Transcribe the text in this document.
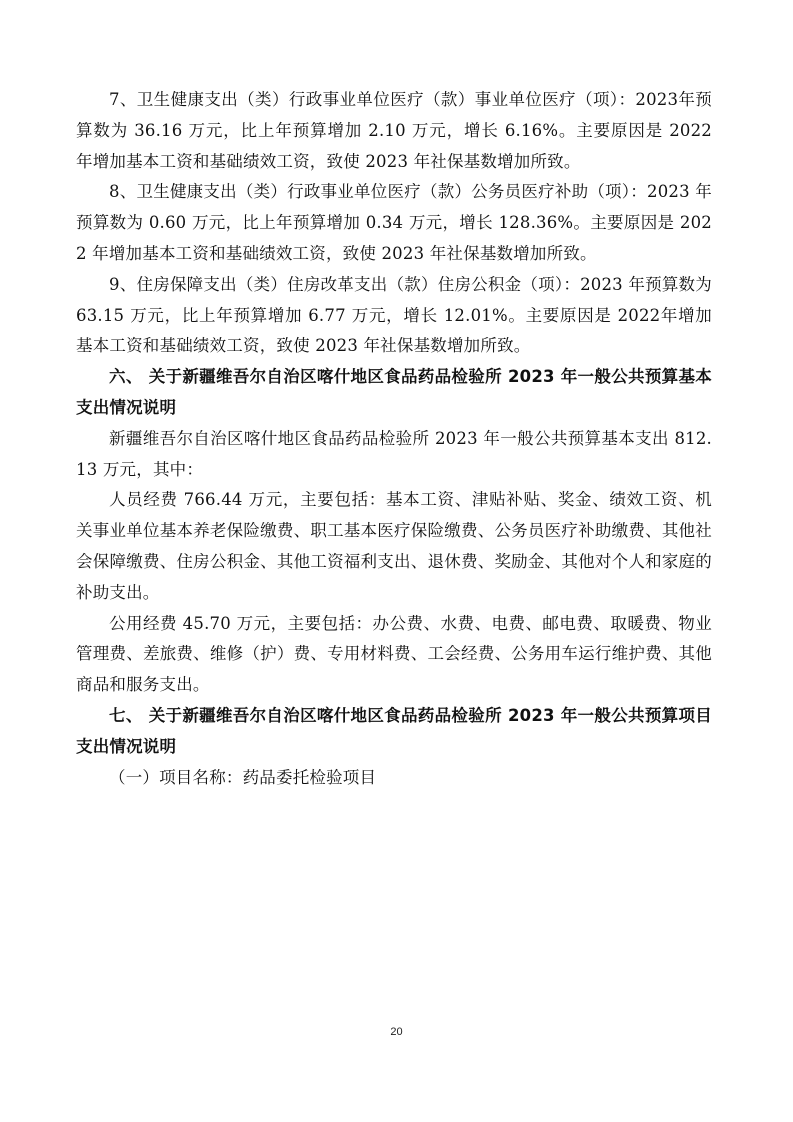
7、卫生健康支出（类）行政事业单位医疗（款）事业单位医疗（项）：2023年预算数为 36.16 万元，比上年预算增加 2.10 万元，增长 6.16%。主要原因是 2022 年增加基本工资和基础绩效工资，致使 2023 年社保基数增加所致。

8、卫生健康支出（类）行政事业单位医疗（款）公务员医疗补助（项）：2023 年预算数为 0.60 万元，比上年预算增加 0.34 万元，增长 128.36%。主要原因是 2022 年增加基本工资和基础绩效工资，致使 2023 年社保基数增加所致。

9、住房保障支出（类）住房改革支出（款）住房公积金（项）：2023 年预算数为 63.15 万元，比上年预算增加 6.77 万元，增长 12.01%。主要原因是 2022年增加基本工资和基础绩效工资，致使 2023 年社保基数增加所致。

六、 关于新疆维吾尔自治区喀什地区食品药品检验所 2023 年一般公共预算基本支出情况说明

新疆维吾尔自治区喀什地区食品药品检验所 2023 年一般公共预算基本支出 812.13 万元，其中：

人员经费 766.44 万元，主要包括：基本工资、津贴补贴、奖金、绩效工资、机关事业单位基本养老保险缴费、职工基本医疗保险缴费、公务员医疗补助缴费、其他社会保障缴费、住房公积金、其他工资福利支出、退休费、奖励金、其他对个人和家庭的补助支出。

公用经费 45.70 万元，主要包括：办公费、水费、电费、邮电费、取暖费、物业管理费、差旅费、维修（护）费、专用材料费、工会经费、公务用车运行维护费、其他商品和服务支出。

七、 关于新疆维吾尔自治区喀什地区食品药品检验所 2023 年一般公共预算项目支出情况说明

（一）项目名称：药品委托检验项目

20
